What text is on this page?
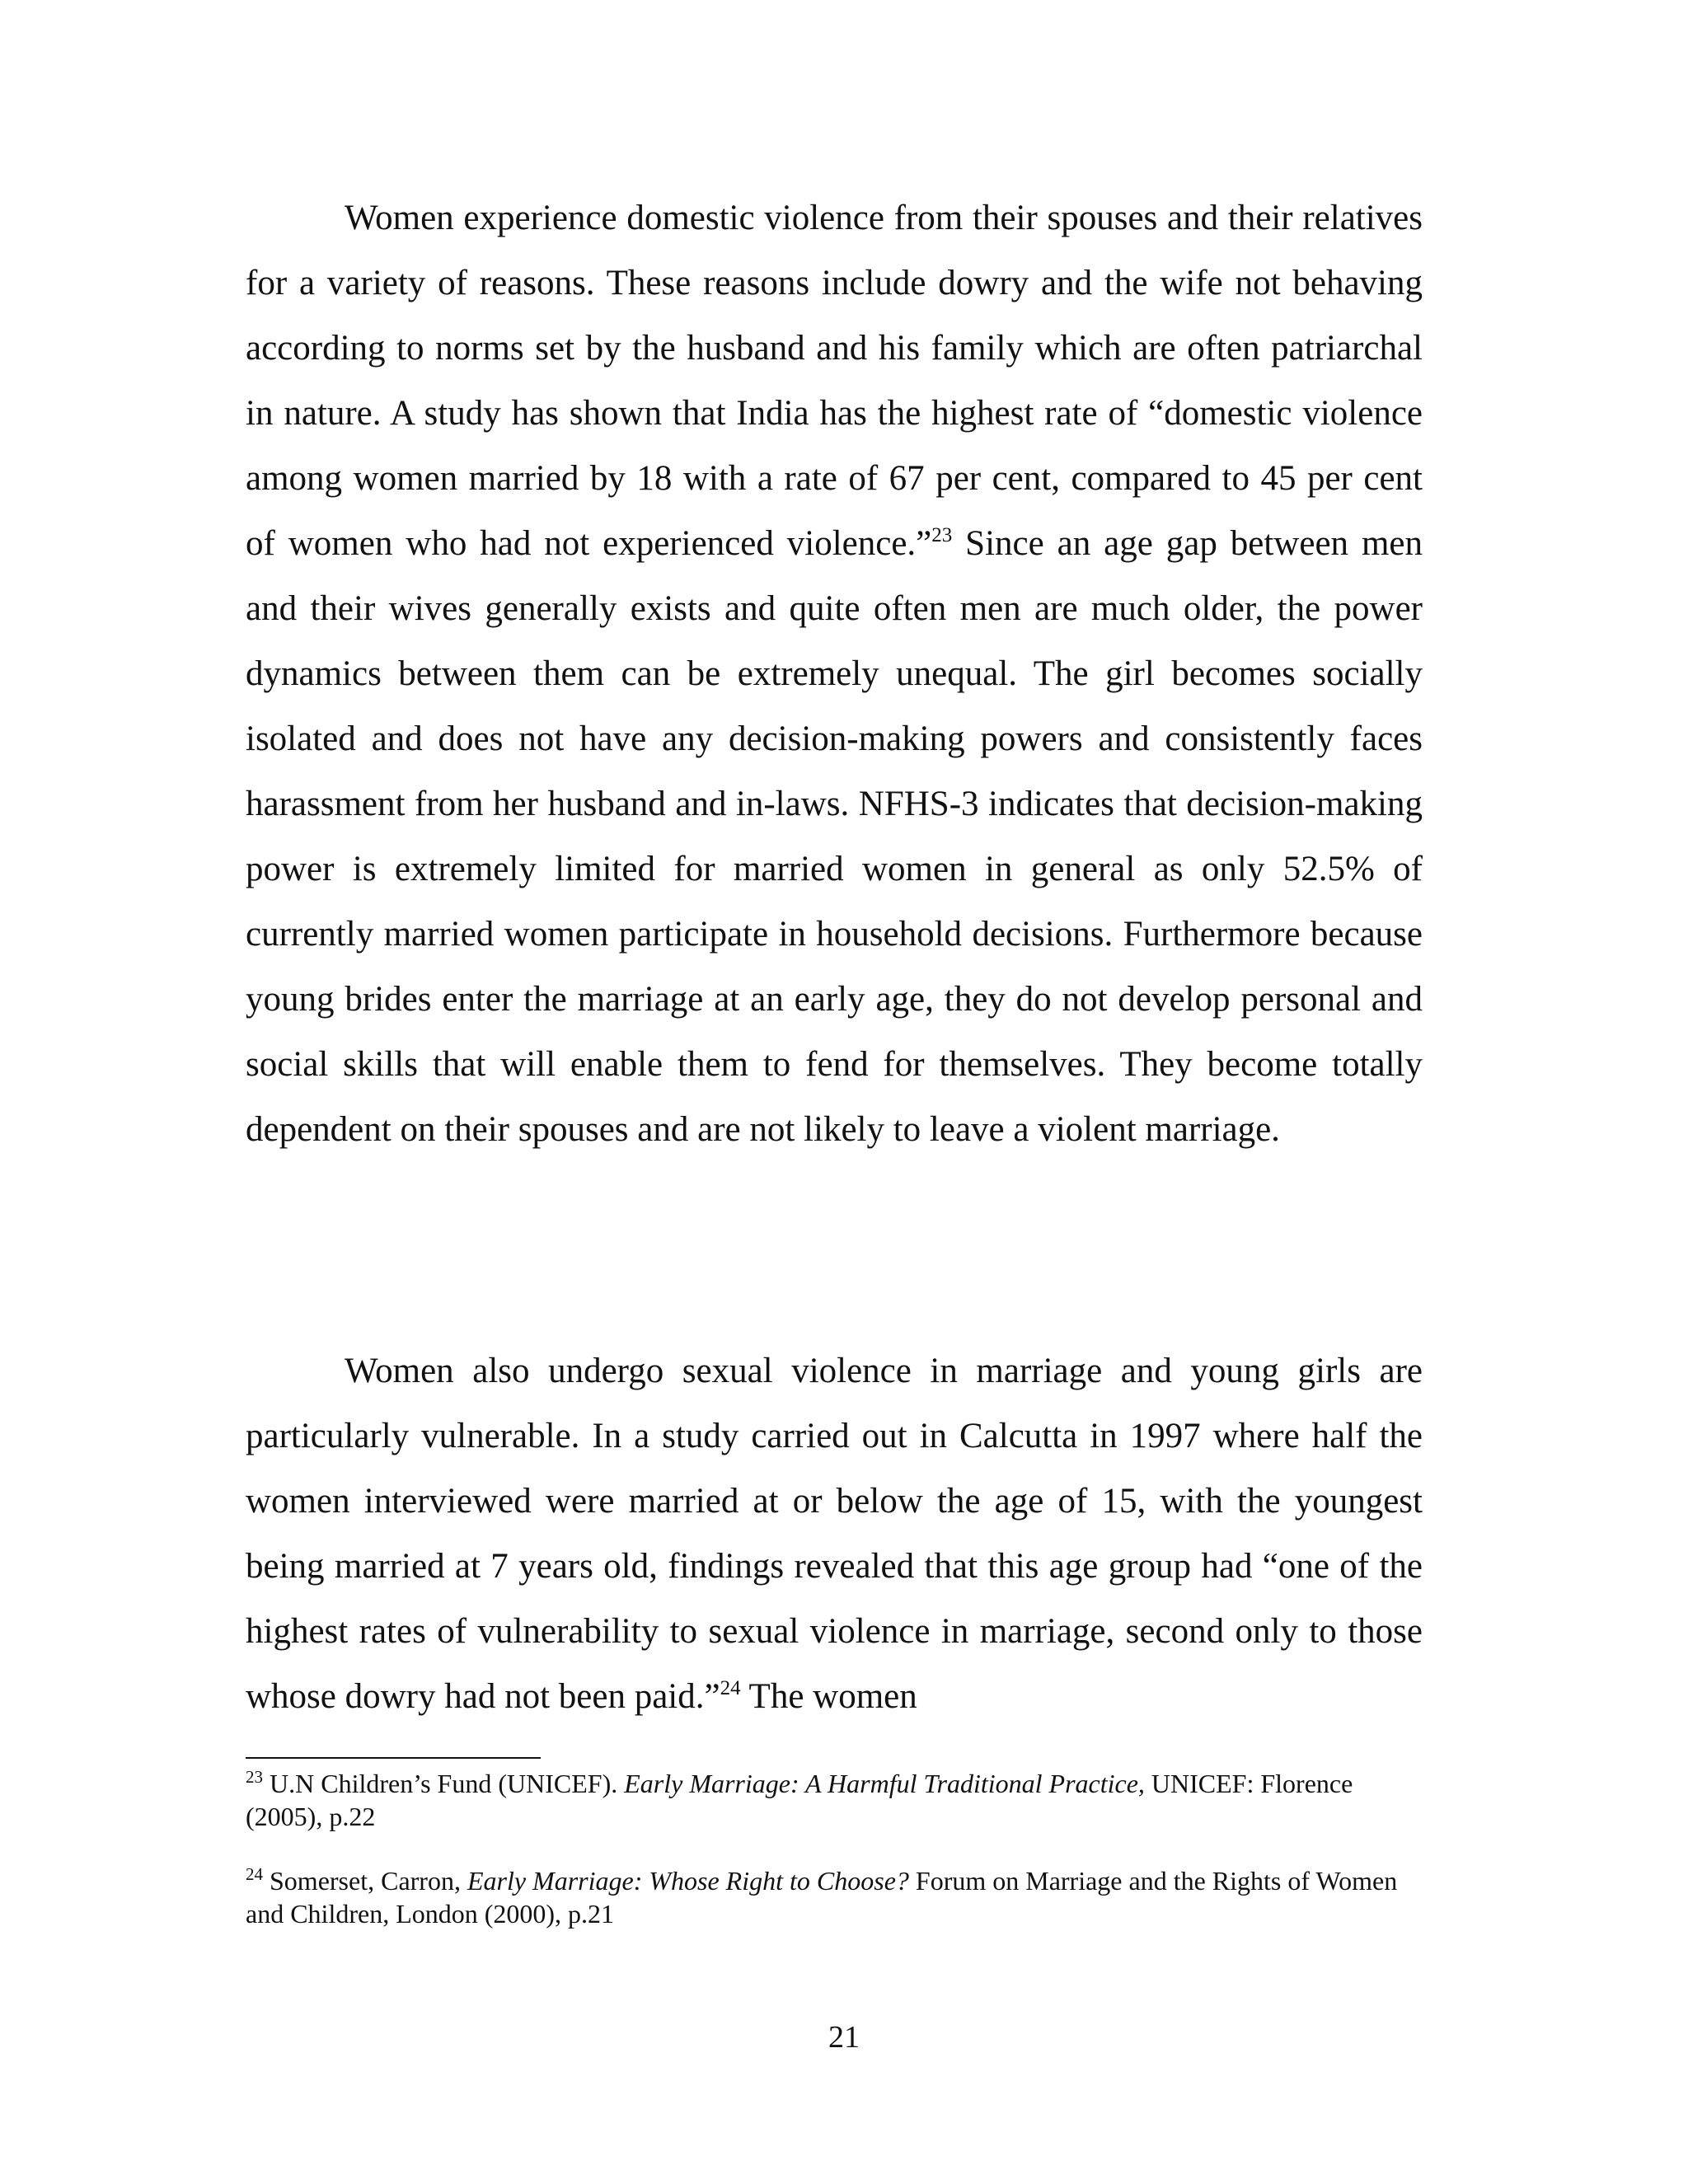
Women experience domestic violence from their spouses and their relatives for a variety of reasons. These reasons include dowry and the wife not behaving according to norms set by the husband and his family which are often patriarchal in nature. A study has shown that India has the highest rate of “domestic violence among women married by 18 with a rate of 67 per cent, compared to 45 per cent of women who had not experienced violence.”$^{23}$ Since an age gap between men and their wives generally exists and quite often men are much older, the power dynamics between them can be extremely unequal. The girl becomes socially isolated and does not have any decision-making powers and consistently faces harassment from her husband and in-laws. NFHS-3 indicates that decision-making power is extremely limited for married women in general as only 52.5% of currently married women participate in household decisions. Furthermore because young brides enter the marriage at an early age, they do not develop personal and social skills that will enable them to fend for themselves. They become totally dependent on their spouses and are not likely to leave a violent marriage.

Women also undergo sexual violence in marriage and young girls are particularly vulnerable. In a study carried out in Calcutta in 1997 where half the women interviewed were married at or below the age of 15, with the youngest being married at 7 years old, findings revealed that this age group had “one of the highest rates of vulnerability to sexual violence in marriage, second only to those whose dowry had not been paid.”$^{24}$ The women

$^{23}$ U.N Children’s Fund (UNICEF). Early Marriage: A Harmful Traditional Practice, UNICEF: Florence (2005), p.22
$^{24}$ Somerset, Carron, Early Marriage: Whose Right to Choose? Forum on Marriage and the Rights of Women and Children, London (2000), p.21
21
